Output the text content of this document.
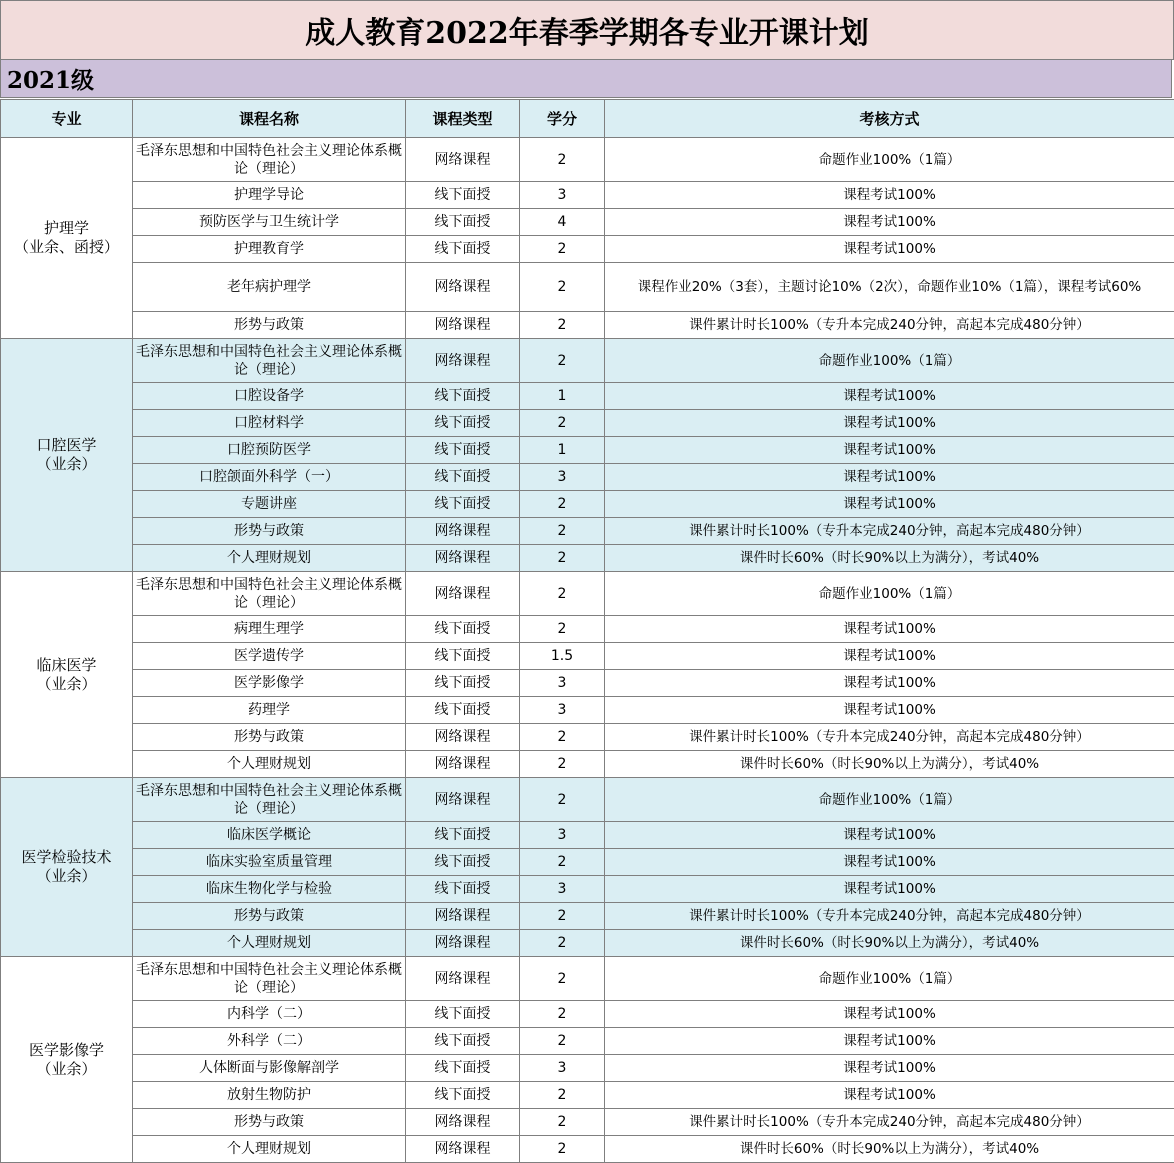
成人教育2022年春季学期各专业开课计划
2021级
专业	课程名称	课程类型	学分	考核方式

护理学
（业余、函授）	毛泽东思想和中国特色社会主义理论体系概论（理论）	网络课程	2	命题作业100%（1篇）
	护理学导论	线下面授	3	课程考试100%
	预防医学与卫生统计学	线下面授	4	课程考试100%
	护理教育学	线下面授	2	课程考试100%
	老年病护理学	网络课程	2	课程作业20%（3套），主题讨论10%（2次），命题作业10%（1篇），课程考试60%
	形势与政策	网络课程	2	课件累计时长100%（专升本完成240分钟，高起本完成480分钟）

口腔医学
（业余）	毛泽东思想和中国特色社会主义理论体系概论（理论）	网络课程	2	命题作业100%（1篇）
	口腔设备学	线下面授	1	课程考试100%
	口腔材料学	线下面授	2	课程考试100%
	口腔预防医学	线下面授	1	课程考试100%
	口腔颌面外科学（一）	线下面授	3	课程考试100%
	专题讲座	线下面授	2	课程考试100%
	形势与政策	网络课程	2	课件累计时长100%（专升本完成240分钟，高起本完成480分钟）
	个人理财规划	网络课程	2	课件时长60%（时长90%以上为满分），考试40%

临床医学
（业余）	毛泽东思想和中国特色社会主义理论体系概论（理论）	网络课程	2	命题作业100%（1篇）
	病理生理学	线下面授	2	课程考试100%
	医学遗传学	线下面授	1.5	课程考试100%
	医学影像学	线下面授	3	课程考试100%
	药理学	线下面授	3	课程考试100%
	形势与政策	网络课程	2	课件累计时长100%（专升本完成240分钟，高起本完成480分钟）
	个人理财规划	网络课程	2	课件时长60%（时长90%以上为满分），考试40%

医学检验技术
（业余）	毛泽东思想和中国特色社会主义理论体系概论（理论）	网络课程	2	命题作业100%（1篇）
	临床医学概论	线下面授	3	课程考试100%
	临床实验室质量管理	线下面授	2	课程考试100%
	临床生物化学与检验	线下面授	3	课程考试100%
	形势与政策	网络课程	2	课件累计时长100%（专升本完成240分钟，高起本完成480分钟）
	个人理财规划	网络课程	2	课件时长60%（时长90%以上为满分），考试40%

医学影像学
（业余）	毛泽东思想和中国特色社会主义理论体系概论（理论）	网络课程	2	命题作业100%（1篇）
	内科学（二）	线下面授	2	课程考试100%
	外科学（二）	线下面授	2	课程考试100%
	人体断面与影像解剖学	线下面授	3	课程考试100%
	放射生物防护	线下面授	2	课程考试100%
	形势与政策	网络课程	2	课件累计时长100%（专升本完成240分钟，高起本完成480分钟）
	个人理财规划	网络课程	2	课件时长60%（时长90%以上为满分），考试40%
